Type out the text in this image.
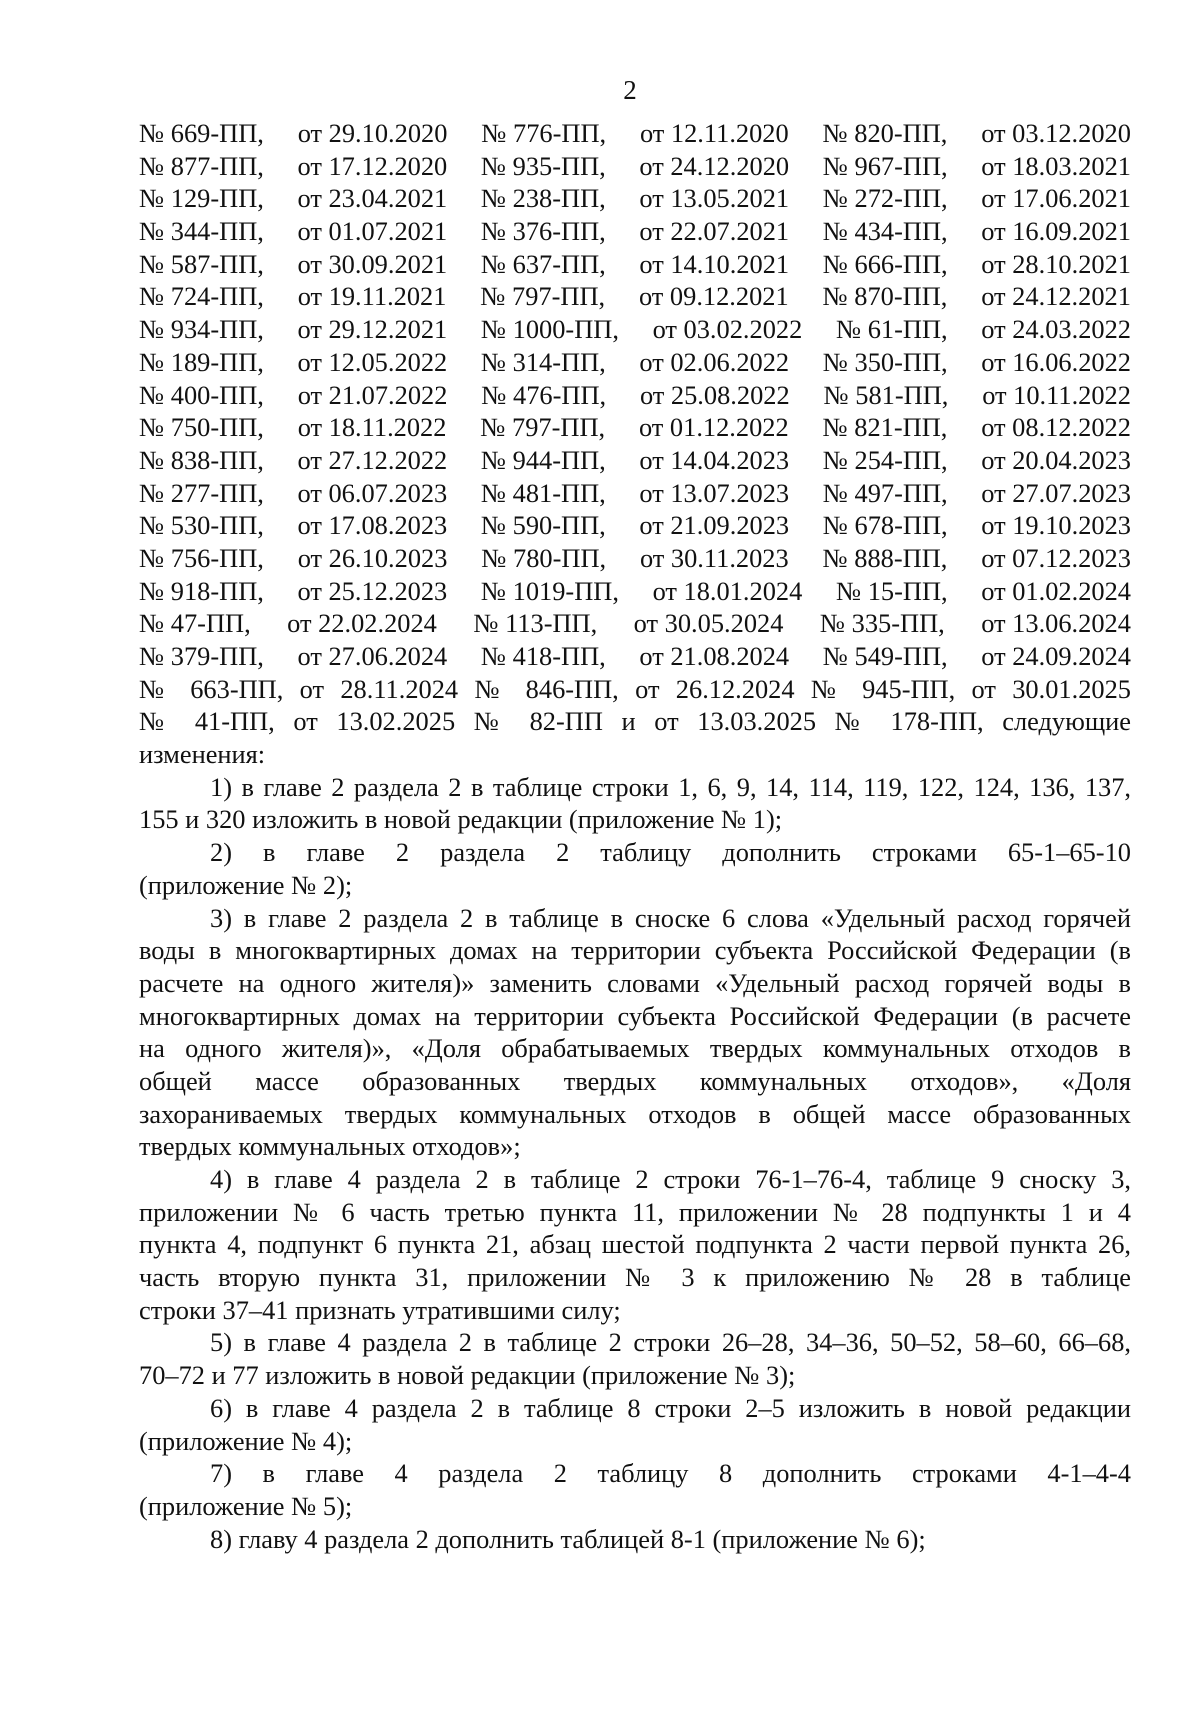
2
№ 669-ПП, от 29.10.2020 № 776-ПП, от 12.11.2020 № 820-ПП, от 03.12.2020
№ 877-ПП, от 17.12.2020 № 935-ПП, от 24.12.2020 № 967-ПП, от 18.03.2021
№ 129-ПП, от 23.04.2021 № 238-ПП, от 13.05.2021 № 272-ПП, от 17.06.2021
№ 344-ПП, от 01.07.2021 № 376-ПП, от 22.07.2021 № 434-ПП, от 16.09.2021
№ 587-ПП, от 30.09.2021 № 637-ПП, от 14.10.2021 № 666-ПП, от 28.10.2021
№ 724-ПП, от 19.11.2021 № 797-ПП, от 09.12.2021 № 870-ПП, от 24.12.2021
№ 934-ПП, от 29.12.2021 № 1000-ПП, от 03.02.2022 № 61-ПП, от 24.03.2022
№ 189-ПП, от 12.05.2022 № 314-ПП, от 02.06.2022 № 350-ПП, от 16.06.2022
№ 400-ПП, от 21.07.2022 № 476-ПП, от 25.08.2022 № 581-ПП, от 10.11.2022
№ 750-ПП, от 18.11.2022 № 797-ПП, от 01.12.2022 № 821-ПП, от 08.12.2022
№ 838-ПП, от 27.12.2022 № 944-ПП, от 14.04.2023 № 254-ПП, от 20.04.2023
№ 277-ПП, от 06.07.2023 № 481-ПП, от 13.07.2023 № 497-ПП, от 27.07.2023
№ 530-ПП, от 17.08.2023 № 590-ПП, от 21.09.2023 № 678-ПП, от 19.10.2023
№ 756-ПП, от 26.10.2023 № 780-ПП, от 30.11.2023 № 888-ПП, от 07.12.2023
№ 918-ПП, от 25.12.2023 № 1019-ПП, от 18.01.2024 № 15-ПП, от 01.02.2024
№ 47-ПП, от 22.02.2024 № 113-ПП, от 30.05.2024 № 335-ПП, от 13.06.2024
№ 379-ПП, от 27.06.2024 № 418-ПП, от 21.08.2024 № 549-ПП, от 24.09.2024
№ 663-ПП, от 28.11.2024 № 846-ПП, от 26.12.2024 № 945-ПП, от 30.01.2025
№ 41-ПП, от 13.02.2025 № 82-ПП и от 13.03.2025 № 178-ПП, следующие
изменения:
1) в главе 2 раздела 2 в таблице строки 1, 6, 9, 14, 114, 119, 122, 124, 136, 137,
155 и 320 изложить в новой редакции (приложение № 1);
2) в главе 2 раздела 2 таблицу дополнить строками 65-1–65-10
(приложение № 2);
3) в главе 2 раздела 2 в таблице в сноске 6 слова «Удельный расход горячей
воды в многоквартирных домах на территории субъекта Российской Федерации (в
расчете на одного жителя)» заменить словами «Удельный расход горячей воды в
многоквартирных домах на территории субъекта Российской Федерации (в расчете
на одного жителя)», «Доля обрабатываемых твердых коммунальных отходов в
общей массе образованных твердых коммунальных отходов», «Доля
захораниваемых твердых коммунальных отходов в общей массе образованных
твердых коммунальных отходов»;
4) в главе 4 раздела 2 в таблице 2 строки 76-1–76-4, таблице 9 сноску 3,
приложении № 6 часть третью пункта 11, приложении № 28 подпункты 1 и 4
пункта 4, подпункт 6 пункта 21, абзац шестой подпункта 2 части первой пункта 26,
часть вторую пункта 31, приложении № 3 к приложению № 28 в таблице
строки 37–41 признать утратившими силу;
5) в главе 4 раздела 2 в таблице 2 строки 26–28, 34–36, 50–52, 58–60, 66–68,
70–72 и 77 изложить в новой редакции (приложение № 3);
6) в главе 4 раздела 2 в таблице 8 строки 2–5 изложить в новой редакции
(приложение № 4);
7) в главе 4 раздела 2 таблицу 8 дополнить строками 4-1–4-4
(приложение № 5);
8) главу 4 раздела 2 дополнить таблицей 8-1 (приложение № 6);
